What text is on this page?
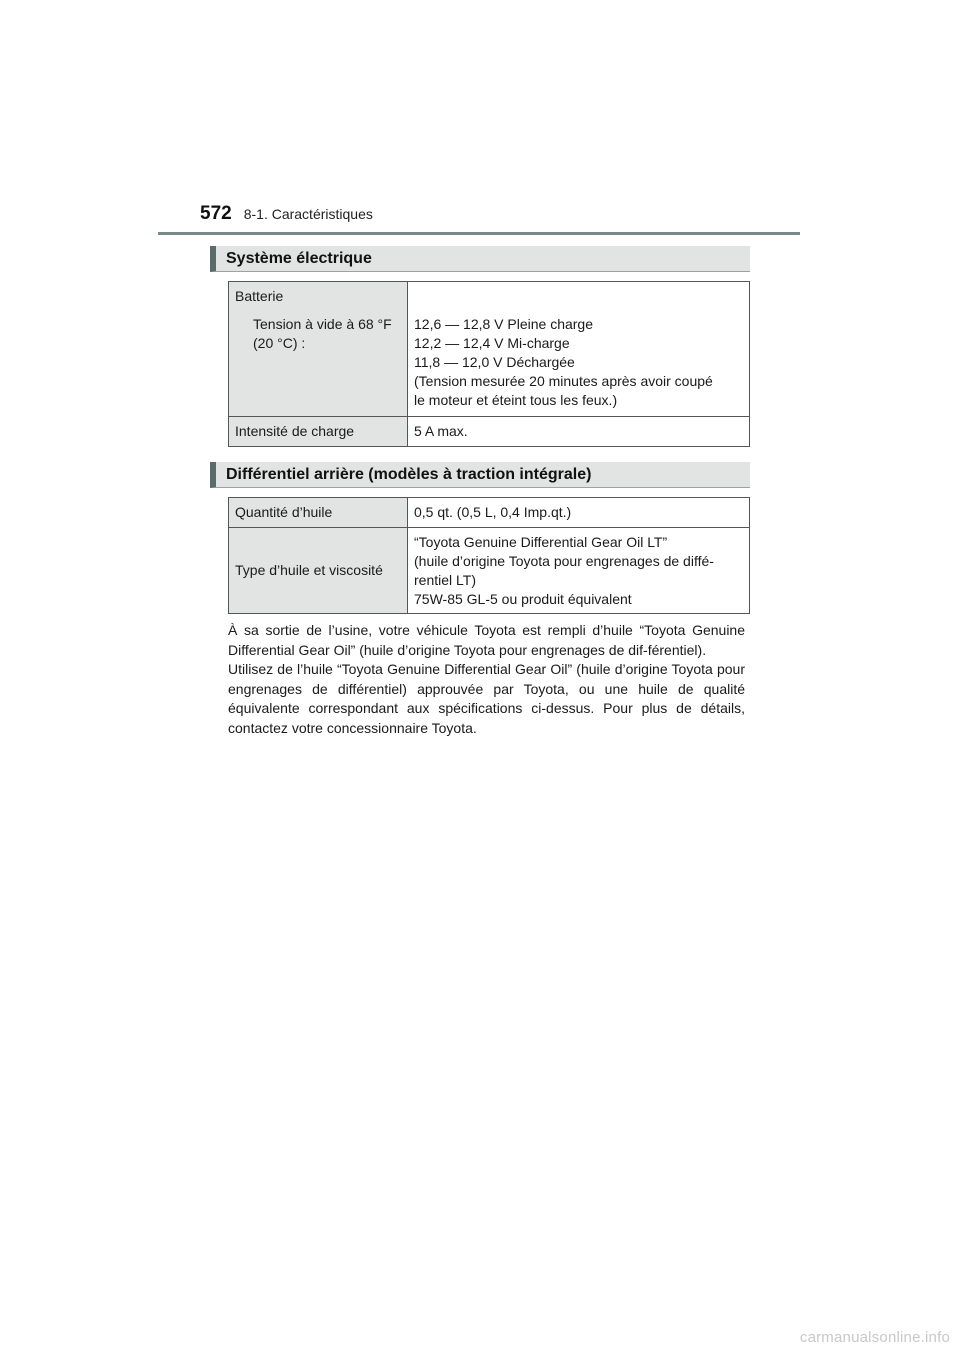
572 8-1. Caractéristiques
Système électrique
Batterie
Tension à vide à 68 °F
(20 °C) :	12,6 — 12,8 V Pleine charge
12,2 — 12,4 V Mi-charge
11,8 — 12,0 V Déchargée
(Tension mesurée 20 minutes après avoir coupé
le moteur et éteint tous les feux.)

Intensité de charge	5 A max.
Différentiel arrière (modèles à traction intégrale)
Quantité d’huile	0,5 qt. (0,5 L, 0,4 Imp.qt.)

Type d’huile et viscosité	“Toyota Genuine Differential Gear Oil LT”
(huile d’origine Toyota pour engrenages de diffé-
rentiel LT)
75W-85 GL-5 ou produit équivalent

À sa sortie de l’usine, votre véhicule Toyota est rempli d’huile “Toyota Genuine Differential Gear Oil” (huile d’origine Toyota pour engrenages de dif-férentiel).

Utilisez de l’huile “Toyota Genuine Differential Gear Oil” (huile d’origine Toyota pour engrenages de différentiel) approuvée par Toyota, ou une huile de qualité équivalente correspondant aux spécifications ci-dessus. Pour plus de détails, contactez votre concessionnaire Toyota.

carmanualsonline.info
